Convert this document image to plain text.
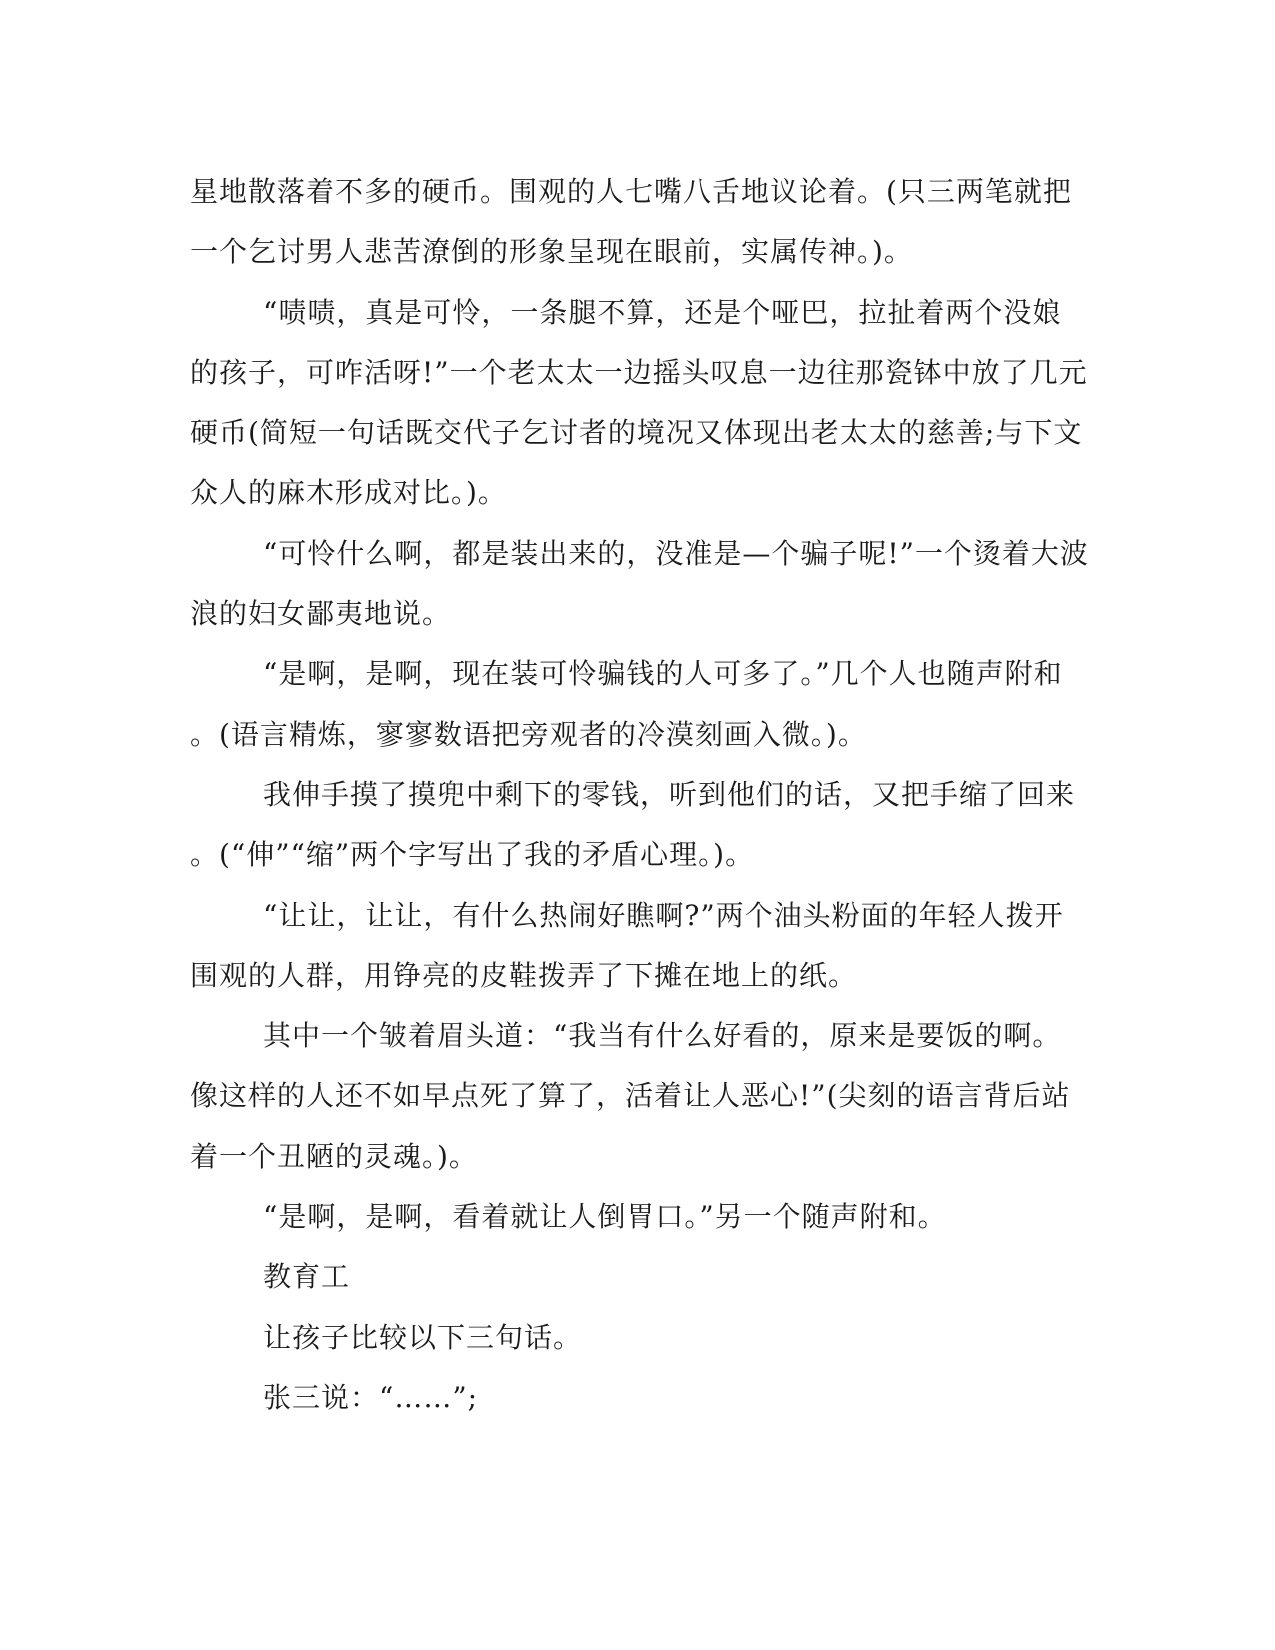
星地散落着不多的硬币。围观的人七嘴八舌地议论着。(只三两笔就把
一个乞讨男人悲苦潦倒的形象呈现在眼前，实属传神。)。
“啧啧，真是可怜，一条腿不算，还是个哑巴，拉扯着两个没娘
的孩子，可咋活呀!”一个老太太一边摇头叹息一边往那瓷钵中放了几元
硬币(简短一句话既交代子乞讨者的境况又体现出老太太的慈善;与下文
众人的麻木形成对比。)。
“可怜什么啊，都是装出来的，没准是—个骗子呢!”一个烫着大波
浪的妇女鄙夷地说。
“是啊，是啊，现在装可怜骗钱的人可多了。”几个人也随声附和
。(语言精炼，寥寥数语把旁观者的冷漠刻画入微。)。
我伸手摸了摸兜中剩下的零钱，听到他们的话，又把手缩了回来
。(“伸”“缩”两个字写出了我的矛盾心理。)。
“让让，让让，有什么热闹好瞧啊?”两个油头粉面的年轻人拨开
围观的人群，用铮亮的皮鞋拨弄了下摊在地上的纸。
其中一个皱着眉头道：“我当有什么好看的，原来是要饭的啊。
像这样的人还不如早点死了算了，活着让人恶心!”(尖刻的语言背后站
着一个丑陋的灵魂。)。
“是啊，是啊，看着就让人倒胃口。”另一个随声附和。
教育工
让孩子比较以下三句话。
张三说：“……”;
